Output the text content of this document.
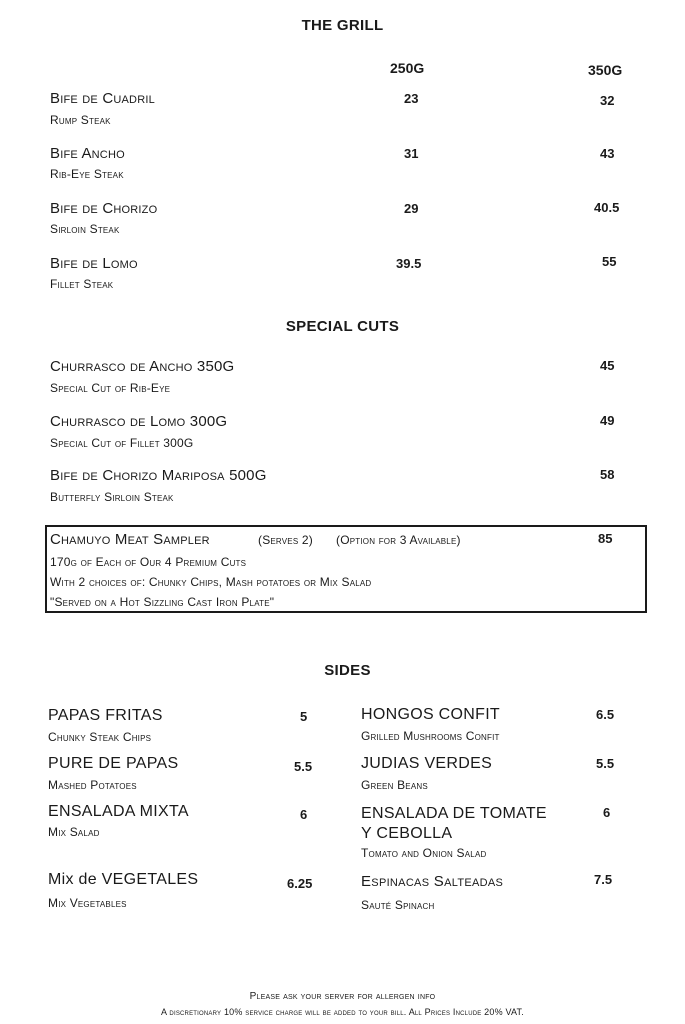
THE GRILL
250G	350G
Bife de Cuadril
Rump Steak
23	32
Bife Ancho
Rib-Eye Steak
31	43
Bife de Chorizo
Sirloin Steak
29	40.5
Bife de Lomo
Fillet Steak
39.5	55
SPECIAL CUTS
Churrasco de Ancho 350G
Special Cut of Rib-Eye
45
Churrasco de Lomo 300G
Special Cut of Fillet 300G
49
Bife de Chorizo Mariposa 500G
Butterfly Sirloin Steak
58
Chamuyo Meat Sampler	(Serves 2) (Option for 3 Available)	85
170g of Each of Our 4 Premium Cuts
With 2 choices of: Chunky Chips, Mash potatoes or Mix Salad
"Served on a Hot Sizzling Cast Iron Plate"
SIDES
PAPAS FRITAS
Chunky Steak Chips
5
PURE DE PAPAS
Mashed Potatoes
5.5
ENSALADA MIXTA
Mix Salad
6
Mix de VEGETALES
Mix Vegetables
6.25
HONGOS CONFIT
Grilled Mushrooms Confit
6.5
JUDIAS VERDES
Green Beans
5.5
ENSALADA DE TOMATE
Y CEBOLLA
Tomato and Onion Salad
6
Espinacas Salteadas
Sauté Spinach
7.5
Please ask your server for allergen info
A discretionary 10% service charge will be added to your bill. All Prices Include 20% VAT.
